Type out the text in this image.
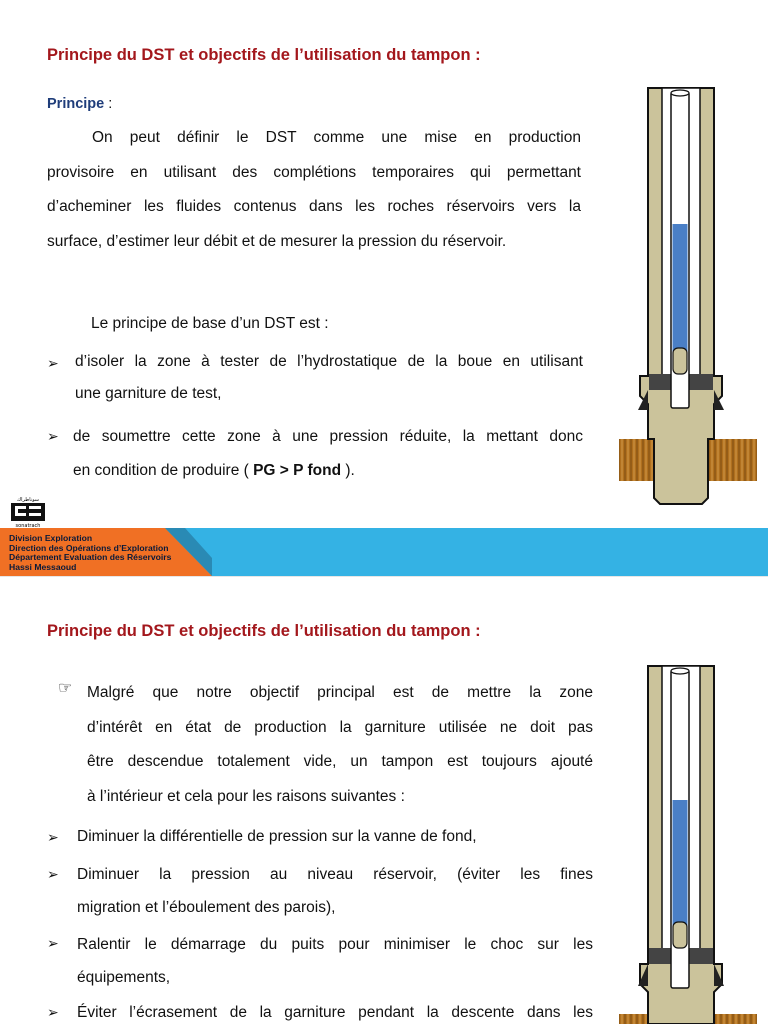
Principe du DST et objectifs de l’utilisation du tampon :
Principe :
On peut définir le DST comme une mise en production
provisoire en utilisant des complétions temporaires qui permettant
d’acheminer les fluides contenus dans les roches réservoirs vers la
surface, d’estimer leur débit et de mesurer la pression du réservoir.
Le principe de base d’un DST est :
➢ d’isoler la zone à tester de l’hydrostatique de la boue en utilisant
une garniture de test,
➢ de soumettre cette zone à une pression réduite, la mettant donc
en condition de produire ( PG > P fond ).
سوناطراك
sonatrach
Division Exploration
Direction des Opérations d’Exploration
Département Evaluation des Réservoirs
Hassi Messaoud
Principe du DST et objectifs de l’utilisation du tampon :
☞ Malgré que notre objectif principal est de mettre la zone
d’intérêt en état de production la garniture utilisée ne doit pas
être descendue totalement vide, un tampon est toujours ajouté
à l’intérieur et cela pour les raisons suivantes :
➢ Diminuer la différentielle de pression sur la vanne de fond,
➢ Diminuer la pression au niveau réservoir, (éviter les fines
migration et l’éboulement des parois),
➢ Ralentir le démarrage du puits pour minimiser le choc sur les
équipements,
➢ Éviter l’écrasement de la garniture pendant la descente dans les
